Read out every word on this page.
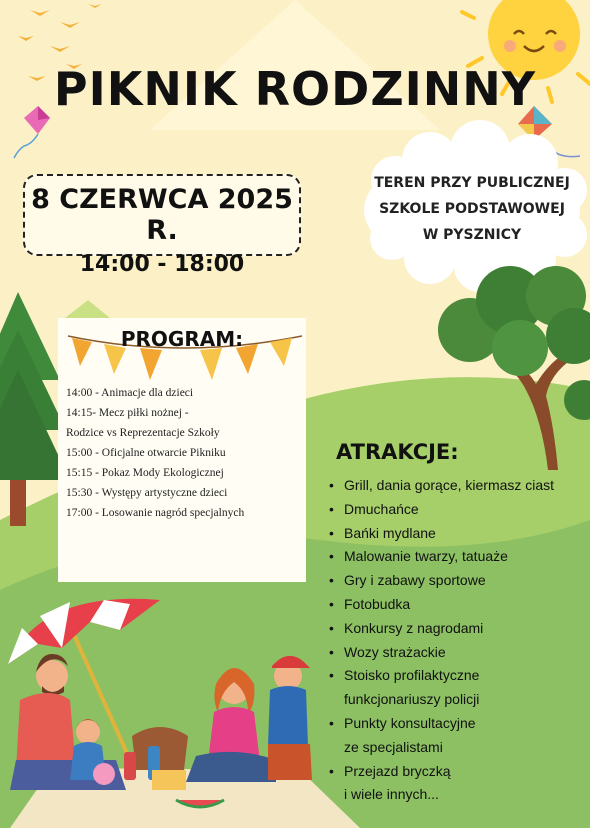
PIKNIK RODZINNY
8 CZERWCA 2025 R.
14:00 - 18:00
TEREN PRZY PUBLICZNEJ
SZKOLE PODSTAWOWEJ
W PYSZNICY
PROGRAM:
14:00 - Animacje dla dzieci
14:15- Mecz piłki nożnej -
Rodzice vs Reprezentacje Szkoły
15:00 - Oficjalne otwarcie Pikniku
15:15 - Pokaz Mody Ekologicznej
15:30 - Występy artystyczne dzieci
17:00 - Losowanie nagród specjalnych
ATRAKCJE:
• Grill, dania gorące, kiermasz ciast
• Dmuchańce
• Bańki mydlane
• Malowanie twarzy, tatuaże
• Gry i zabawy sportowe
• Fotobudka
• Konkursy z nagrodami
• Wozy strażackie
• Stoisko profilaktyczne
funkcjonariuszy policji
• Punkty konsultacyjne
ze specjalistami
• Przejazd bryczką
i wiele innych...
